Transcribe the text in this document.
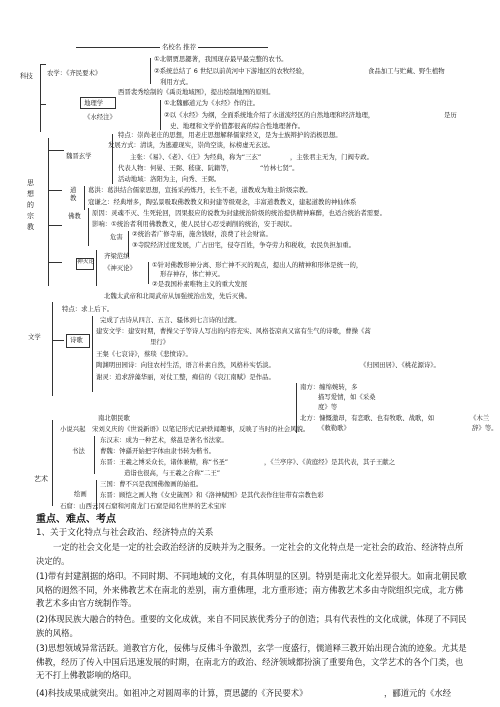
名校名 推荐
科技 农学：《齐民要术》
①北朝贾思勰著，我国现存最早最完整的农书。
②系统总结了 6 世纪以前黄河中下游地区的农牧经验，	食品加工与贮藏、野生植物
利用方式。
西晋裴秀绘制的《禹贡地域图》，提出绘制地图的原则。
地理学
《水经注》
①北魏郦道元为《水经》作的注。
②以《水经》为纲，全面系统地介绍了水道流经区的自然地理和经济地理，	是历
史、地理和文学价值都很高的综合性地理著作。
思想的宗教
魏晋玄学
特点：崇尚老庄的思想，用老庄思想解释儒家经义，是为士族辩护的消极思想。
发展方式：清谈，为逃避现实，崇尚空谈，标榜虚无玄远。
主张：《易》、《老》、《庄》为经典，称为“三玄”	，主张君主无为，门阀专政。
代表人物：何晏、王弼、嵇康、阮籍等，	“竹林七贤”。
活动地域：洛阳为主，向秀、王弼。
道教
葛洪：葛洪结合儒家思想，宣扬采药炼丹，长生不老，道教成为地主阶级宗教。
寇谦之：经典增多，陶弘景吸取佛教教义和封建等级观念，丰富道教教义，建起道教的神仙体系
佛教 原因：灵魂不灭、生死轮回，因果报应的说教为封建统治阶级的统治提供精神麻醉，也适合统治者需要。
影响：①统治者利用佛教教义，使人民甘心忍受剥削的统治，安于现状。
危害 ②统治者广修寺庙，施舍钱财，浪费了社会财富。
③寺院经济过度发展，广占田宅，侵夺百姓，争夺劳力和税收，农民负担加重。
神灭论
齐梁范缜
《神灭论》	①针对佛教形神分离、形亡神不灭的观点，提出人的精神和形体是统一的，
形存神存，体亡神灭。
②是我国朴素唯物主义的重大发展
北魏太武帝和北周武帝从加强统治出发，先后灭佛。
特点：求上后下。
文学	诗歌
完成了古诗从四言、五言、骚体到七言诗的过渡。
建安文学：建安时期，曹操父子等诗人写出的内容充实、风格苍凉真又富有生气的诗歌，曹操《蒿
里行》
王粲《七哀诗》，蔡琰《悲愤诗》。
陶渊明田园诗：向往农村生活，语言朴素自然，风格朴实恬淡。	《归园田居》、《桃花源诗》。
谢灵：追求辞藻华丽，对仗工整，痴信的《哀江南赋》是作品。
南方：缠绵婉转，多
描写爱情，如《采桑
度》等
北方：慷慨激昂，有恋歌、也有牧歌、战歌，如	《木兰
《敕勒歌》	辞》等。
南北朝民歌
小说兴起 宋刘义庆的《世说新语》以笔记形式记录轶闻趣事，反映了当时的社会风貌。
艺术
书法
东汉末：成为一种艺术，蔡邕是著名书法家。
曹魏：钟繇开始把字体由隶书转为楷书。
东晋：王羲之博采众长，诸体兼精，称“书圣”	，《兰亭序》、《黄庭经》是其代表，其子王献之
造诣也很高，与王羲之合称“二王”
绘画
三国：曹不兴是我国佛像画的始祖。
东晋：顾恺之画人物《女史箴图》和《洛神赋图》是其代表作往往带有宗教色彩
石窟：山西云冈石窟和河南龙门石窟是闻名世界的艺术宝库
重点、难点、考点
1、关于文化特点与社会政治、经济特点的关系
一定的社会文化是一定的社会政治经济的反映并为之服务。一定社会的文化特点是一定社会的政治、经济特点所决定的。
(1)带有封建割据的烙印。不同时期、不同地域的文化，有具体明显的区别。特别是南北文化差异很大。如南北朝民歌风格的迥然不同，外来佛教艺术在南北的差别，南方重佛理，北方重形迹；南方佛教艺术多由寺院组织完成，北方佛教艺术多由官方统制作等。
(2)体现民族大融合的特色。重要的文化成就，来自不同民族优秀分子的创造；具有代表性的文化成就，体现了不同民族的风格。
(3)思想领域异常活跃。道教官方化，佞佛与反佛斗争激烈，玄学一度盛行，儒道释三教开始出现合流的迹象。尤其是佛教，经历了传入中国后迅速发展的时期，在南北方的政治、经济领域都扮演了重要角色，文学艺术的各个门类，也无不打上佛教影响的烙印。
(4)科技成果成就突出。如祖冲之对圆周率的计算，贾思勰的《齐民要术》	，郦道元的《水经
